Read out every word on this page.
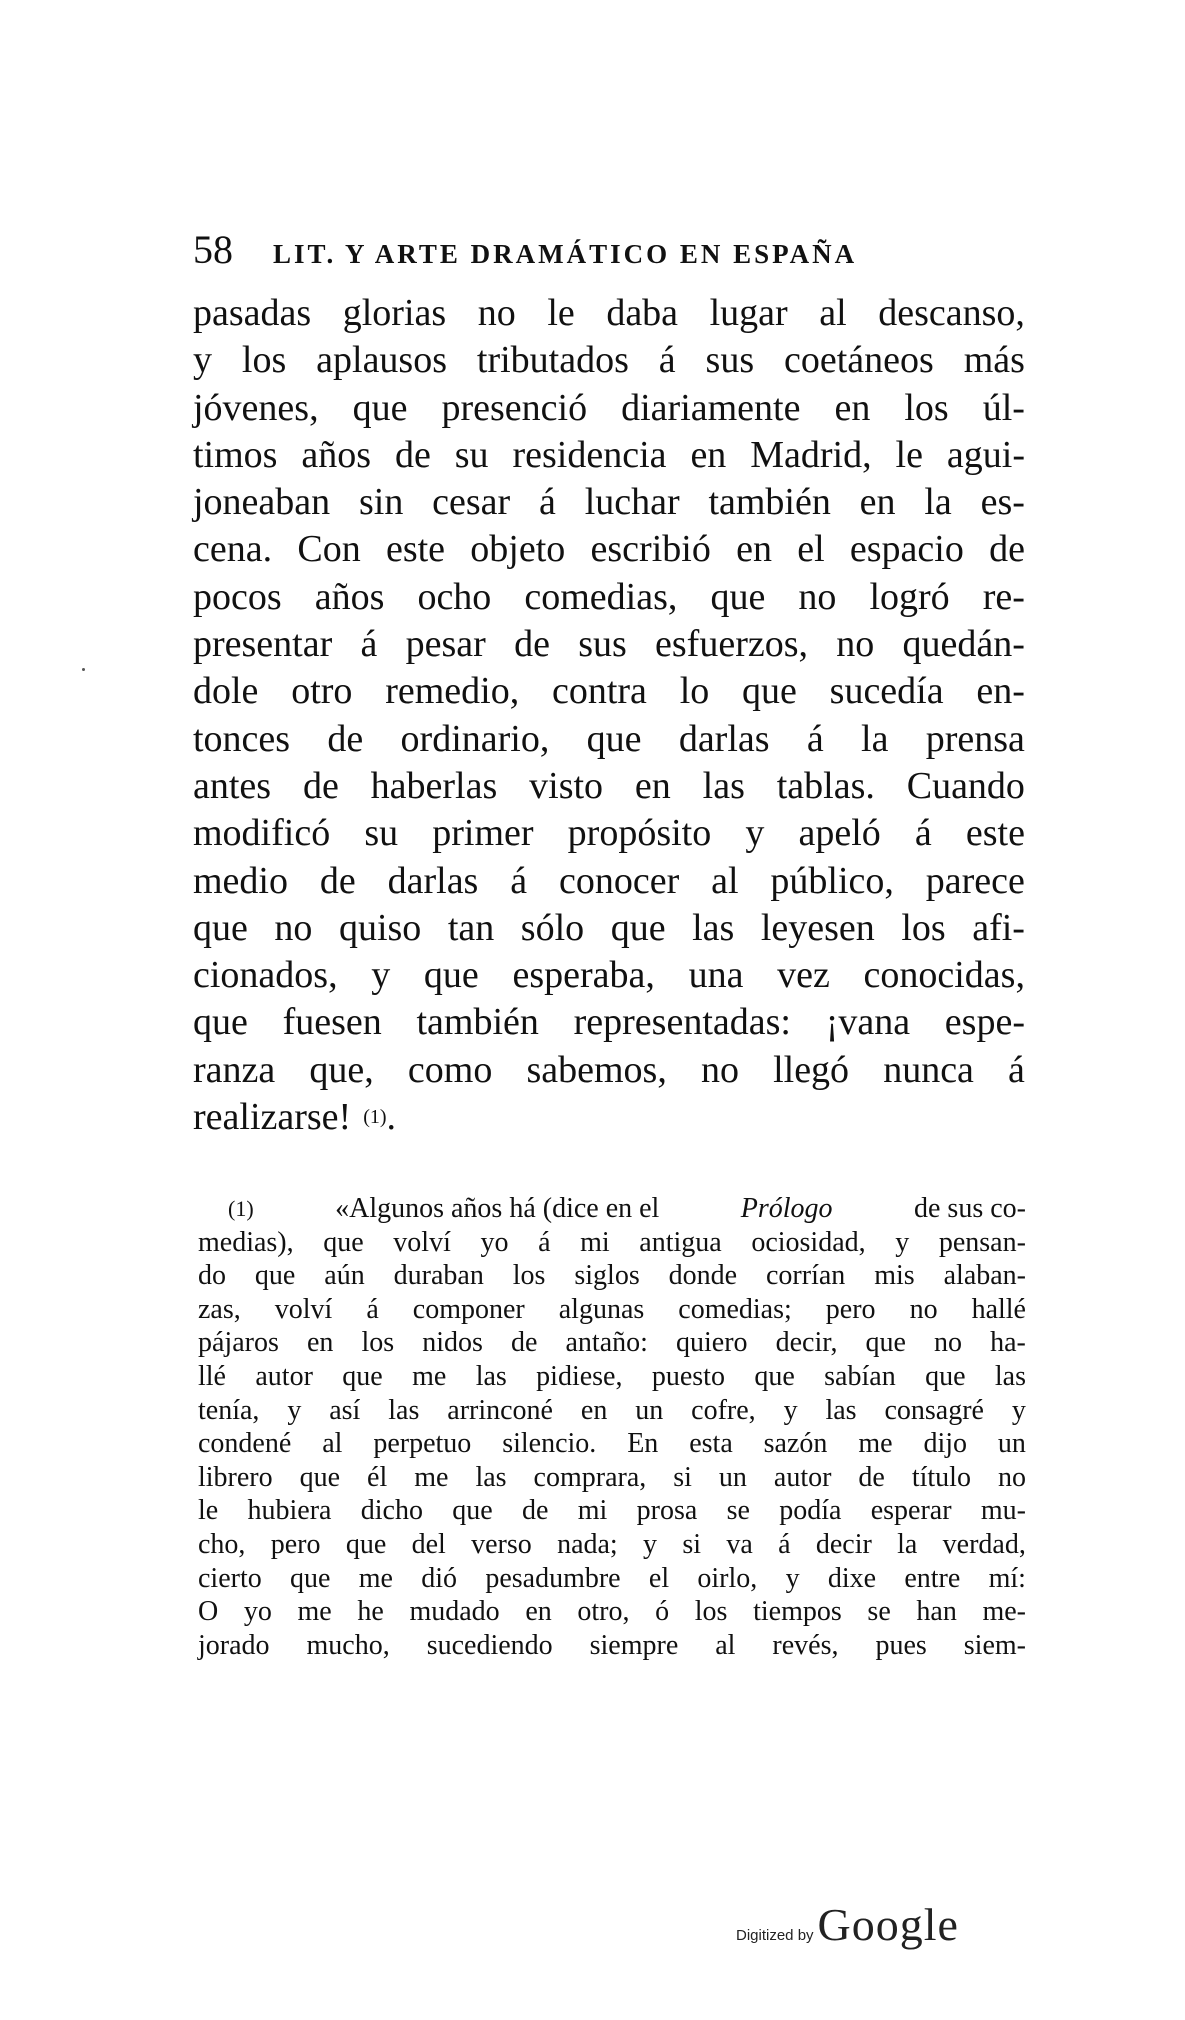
58 LIT. Y ARTE DRAMÁTICO EN ESPAÑA
pasadas glorias no le daba lugar al descanso,
y los aplausos tributados á sus coetáneos más
jóvenes, que presenció diariamente en los úl-
timos años de su residencia en Madrid, le agui-
joneaban sin cesar á luchar también en la es-
cena. Con este objeto escribió en el espacio de
pocos años ocho comedias, que no logró re-
presentar á pesar de sus esfuerzos, no quedán-
dole otro remedio, contra lo que sucedía en-
tonces de ordinario, que darlas á la prensa
antes de haberlas visto en las tablas. Cuando
modificó su primer propósito y apeló á este
medio de darlas á conocer al público, parece
que no quiso tan sólo que las leyesen los afi-
cionados, y que esperaba, una vez conocidas,
que fuesen también representadas: ¡vana espe-
ranza que, como sabemos, no llegó nunca á
realizarse! (1) .
(1)	«Algunos años há (dice en el	Prólogo	de sus co-
medias), que volví yo á mi antigua ociosidad, y pensan-
do que aún duraban los siglos donde corrían mis alaban-
zas, volví á componer algunas comedias; pero no hallé
pájaros en los nidos de antaño: quiero decir, que no ha-
llé autor que me las pidiese, puesto que sabían que las
tenía, y así las arrinconé en un cofre, y las consagré y
condené al perpetuo silencio. En esta sazón me dijo un
librero que él me las comprara, si un autor de título no
le hubiera dicho que de mi prosa se podía esperar mu-
cho, pero que del verso nada; y si va á decir la verdad,
cierto que me dió pesadumbre el oirlo, y dixe entre mí:
O yo me he mudado en otro, ó los tiempos se han me-
jorado mucho, sucediendo siempre al revés, pues siem-
Digitized by Google
